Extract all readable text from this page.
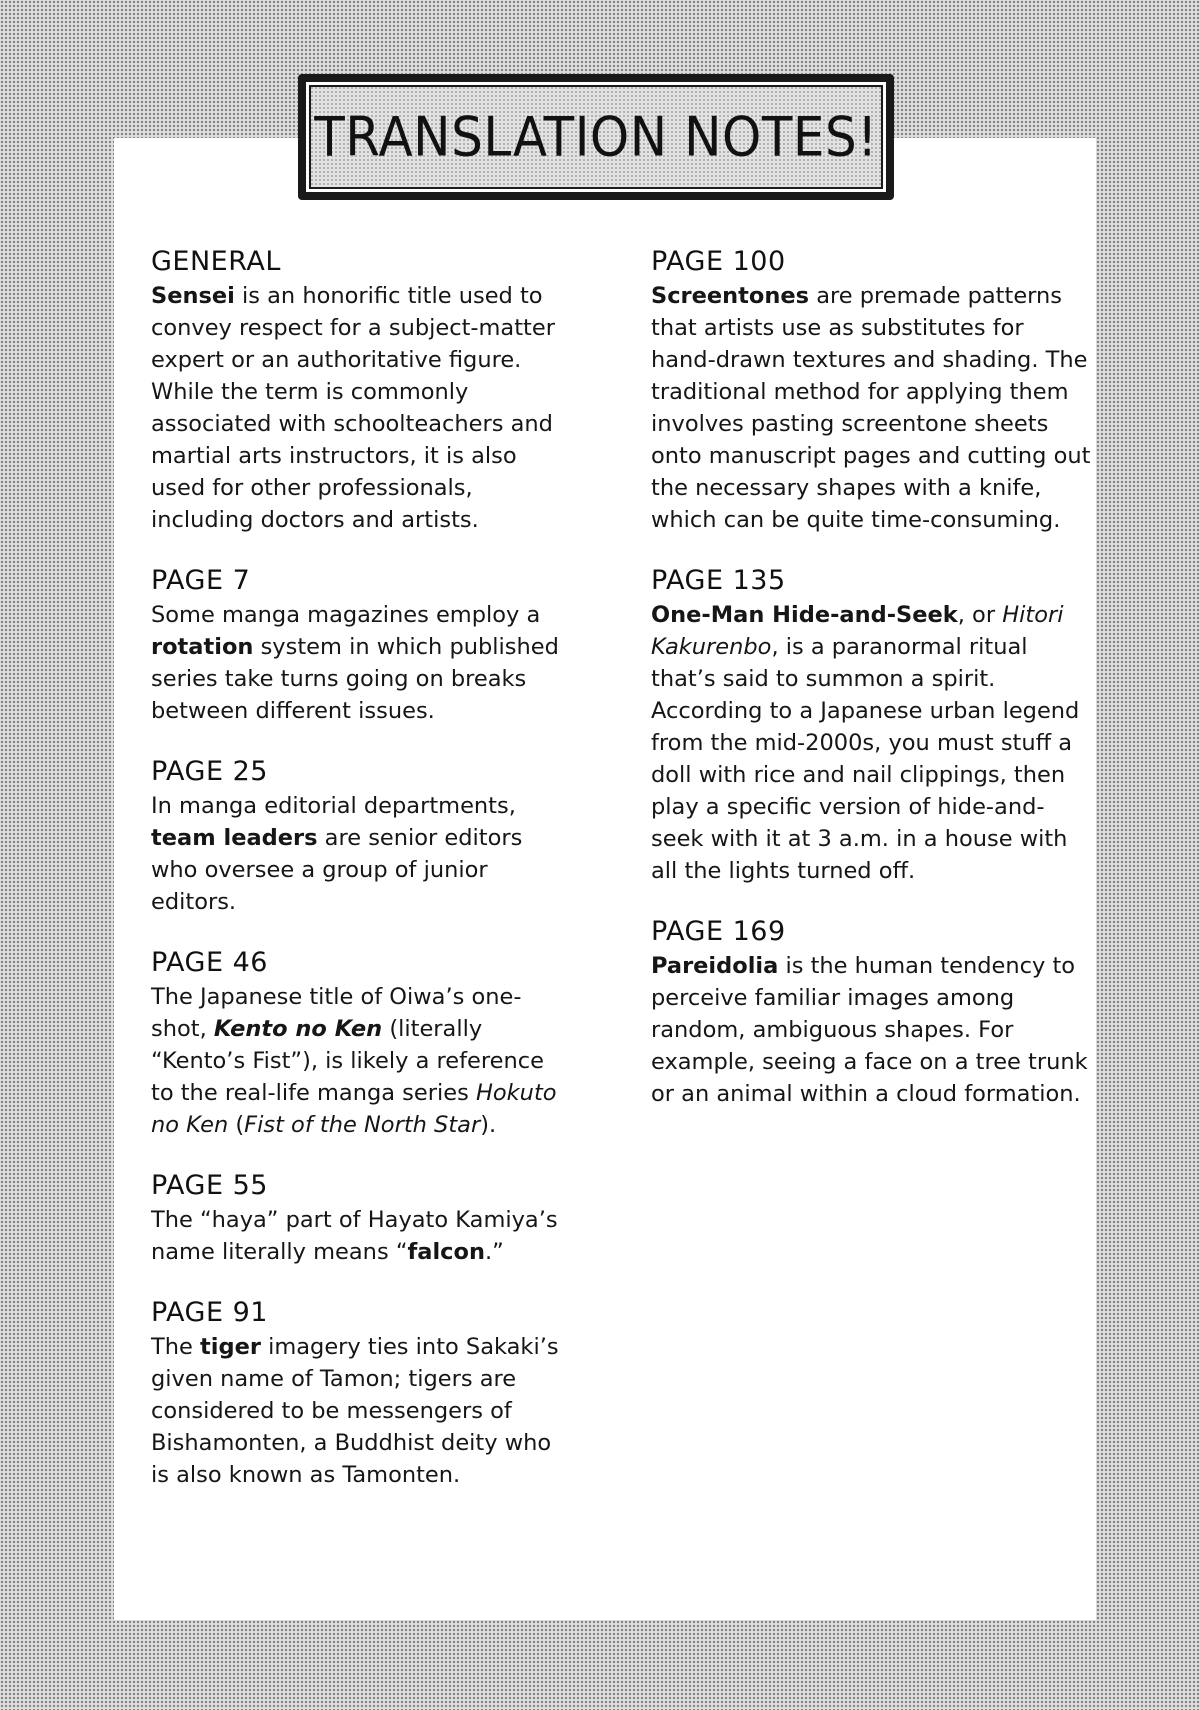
TRANSLATION NOTES!
GENERAL

Sensei is an honorific title used to convey respect for a subject-matter expert or an authoritative figure. While the term is commonly associated with schoolteachers and martial arts instructors, it is also used for other professionals, including doctors and artists.

PAGE 7

Some manga magazines employ a rotation system in which published series take turns going on breaks between different issues.

PAGE 25

In manga editorial departments, team leaders are senior editors who oversee a group of junior editors.

PAGE 46

The Japanese title of Oiwa’s one-shot, Kento no Ken (literally “Kento’s Fist”), is likely a reference to the real-life manga series Hokuto no Ken (Fist of the North Star).

PAGE 55

The “haya” part of Hayato Kamiya’s name literally means “falcon.”

PAGE 91

The tiger imagery ties into Sakaki’s given name of Tamon; tigers are considered to be messengers of Bishamonten, a Buddhist deity who is also known as Tamonten.

PAGE 100

Screentones are premade patterns that artists use as substitutes for hand-drawn textures and shading. The traditional method for applying them involves pasting screentone sheets onto manuscript pages and cutting out the necessary shapes with a knife, which can be quite time-consuming.

PAGE 135

One-Man Hide-and-Seek, or Hitori Kakurenbo, is a paranormal ritual that’s said to summon a spirit. According to a Japanese urban legend from the mid-2000s, you must stuff a doll with rice and nail clippings, then play a specific version of hide-and-seek with it at 3 a.m. in a house with all the lights turned off.

PAGE 169

Pareidolia is the human tendency to perceive familiar images among random, ambiguous shapes. For example, seeing a face on a tree trunk or an animal within a cloud formation.
